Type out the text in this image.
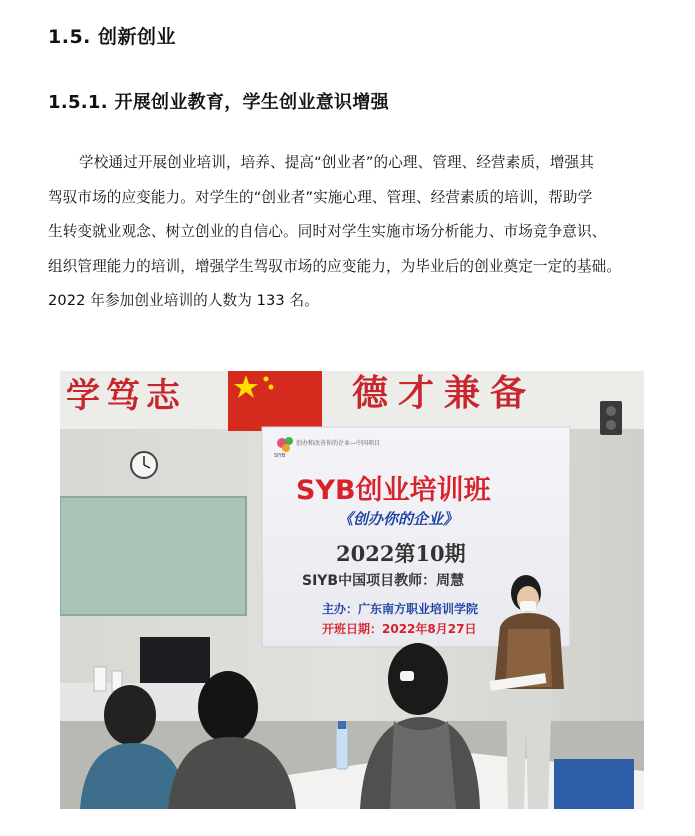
1.5. 创新创业
1.5.1. 开展创业教育，学生创业意识增强
学校通过开展创业培训，培养、提高“创业者”的心理、管理、经营素质，增强其
驾驭市场的应变能力。对学生的“创业者”实施心理、管理、经营素质的培训，帮助学
生转变就业观念、树立创业的自信心。同时对学生实施市场分析能力、市场竞争意识、
组织管理能力的培训，增强学生驾驭市场的应变能力，为毕业后的创业奠定一定的基础。
2022 年参加创业培训的人数为 133 名。
学笃志	德才兼备
SIYB
创办和改善你的企业—中国项目
SYB创业培训班
《创办你的企业》
2022第10期
SIYB中国项目教师：周慧
主办：广东南方职业培训学院
开班日期：2022年8月27日
